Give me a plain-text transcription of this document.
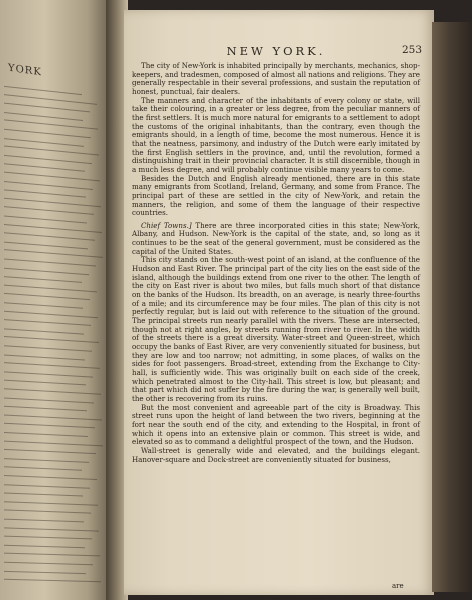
YORK
NEW YORK.	253

The city of New-York is inhabited principally by merchants, mechanics, shop-keepers, and tradesmen, composed of almost all nations and religions. They are generally respectable in their several professions, and sustain the reputation of honest, punctual, fair dealers.

The manners and character of the inhabitants of every colony or state, will take their colouring, in a greater or less degree, from the peculiar manners of the first settlers. It is much more natural for emigrants to a settlement to adopt the customs of the original inhabitants, than the contrary, even though the emigrants should, in a length of time, become the most numerous. Hence it is that the neatness, parsimony, and industry of the Dutch were early imitated by the first English settlers in the province, and, until the revolution, formed a distinguishing trait in their provincial character. It is still discernible, though in a much less degree, and will probably continue visible many years to come.

Besides the Dutch and English already mentioned, there are in this state many emigrants from Scotland, Ireland, Germany, and some from France. The principal part of these are settled in the city of New-York, and retain the manners, the religion, and some of them the language of their respective countries.

Chief Towns.] There are three incorporated cities in this state; New-York, Albany, and Hudson. New-York is the capital of the state, and, so long as it continues to be the seat of the general government, must be considered as the capital of the United States.

This city stands on the south-west point of an island, at the confluence of the Hudson and East River. The principal part of the city lies on the east side of the island, although the buildings extend from one river to the other. The length of the city on East river is about two miles, but falls much short of that distance on the banks of the Hudson. Its breadth, on an average, is nearly three-fourths of a mile; and its circumference may be four miles. The plan of this city is not perfectly regular, but is laid out with reference to the situation of the ground. The principal streets run nearly parallel with the rivers. These are intersected, though not at right angles, by streets running from river to river. In the width of the streets there is a great diversity. Water-street and Queen-street, which occupy the banks of East River, are very conveniently situated for business, but they are low and too narrow; not admitting, in some places, of walks on the sides for foot passengers. Broad-street, extending from the Exchange to City-hall, is sufficiently wide. This was originally built on each side of the creek, which penetrated almost to the City-hall. This street is low, but pleasant; and that part which did not suffer by the fire during the war, is generally well built, the other is recovering from its ruins.

But the most convenient and agreeable part of the city is Broadway. This street runs upon the height of land between the two rivers, beginning at the fort near the south end of the city, and extending to the Hospital, in front of which it opens into an extensive plain or common. This street is wide, and elevated so as to command a delightful prospect of the town, and the Hudson.

Wall-street is generally wide and elevated, and the buildings elegant. Hanover-square and Dock-street are conveniently situated for business,

are
